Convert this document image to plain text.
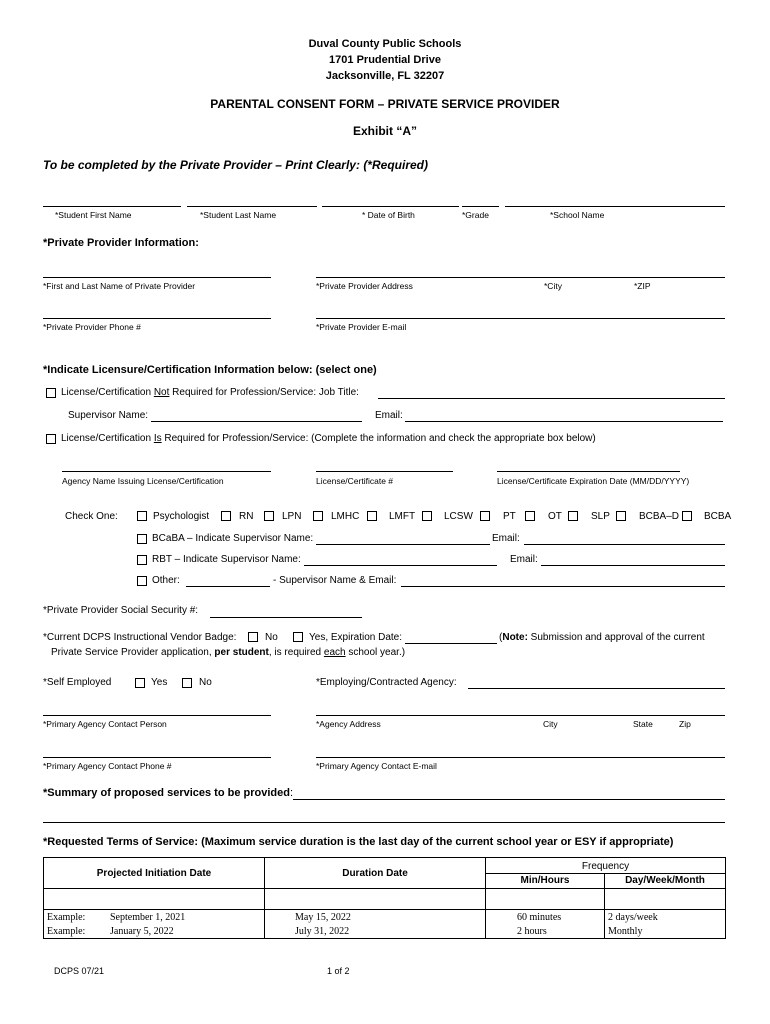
Duval County Public Schools
1701 Prudential Drive
Jacksonville, FL 32207
PARENTAL CONSENT FORM – PRIVATE SERVICE PROVIDER
Exhibit “A”
To be completed by the Private Provider – Print Clearly: (*Required)
*Student First Name	*Student Last Name	* Date of Birth	*Grade	*School Name
*Private Provider Information:
*First and Last Name of Private Provider	*Private Provider Address	*City	*ZIP
*Private Provider Phone #	*Private Provider E-mail
*Indicate Licensure/Certification Information below: (select one)
License/Certification Not Required for Profession/Service: Job Title:
Supervisor Name:	Email:
License/Certification Is Required for Profession/Service: (Complete the information and check the appropriate box below)
Agency Name Issuing License/Certification	License/Certificate #	License/Certificate Expiration Date (MM/DD/YYYY)
Check One:	Psychologist	RN	LPN	LMHC	LMFT	LCSW	PT	OT	SLP	BCBA–D BCBA
BCaBA – Indicate Supervisor Name:	Email:
RBT – Indicate Supervisor Name:	Email:
Other:	- Supervisor Name & Email:
*Private Provider Social Security #:
*Current DCPS Instructional Vendor Badge:	No	Yes, Expiration Date:	(Note: Submission and approval of the current
Private Service Provider application, per student, is required each school year.)
*Self Employed	Yes	No	*Employing/Contracted Agency:
*Primary Agency Contact Person	*Agency Address	City	State	Zip
*Primary Agency Contact Phone #	*Primary Agency Contact E-mail
*Summary of proposed services to be provided:
*Requested Terms of Service: (Maximum service duration is the last day of the current school year or ESY if appropriate)
Projected Initiation Date	Duration Date	Frequency	
		Min/Hours	Day/Week/Month

Example: September 1, 2021	May 15, 2022	60 minutes	2 days/week
Example: January 5, 2022	July 31, 2022	2 hours	Monthly
DCPS 07/21	1 of 2
